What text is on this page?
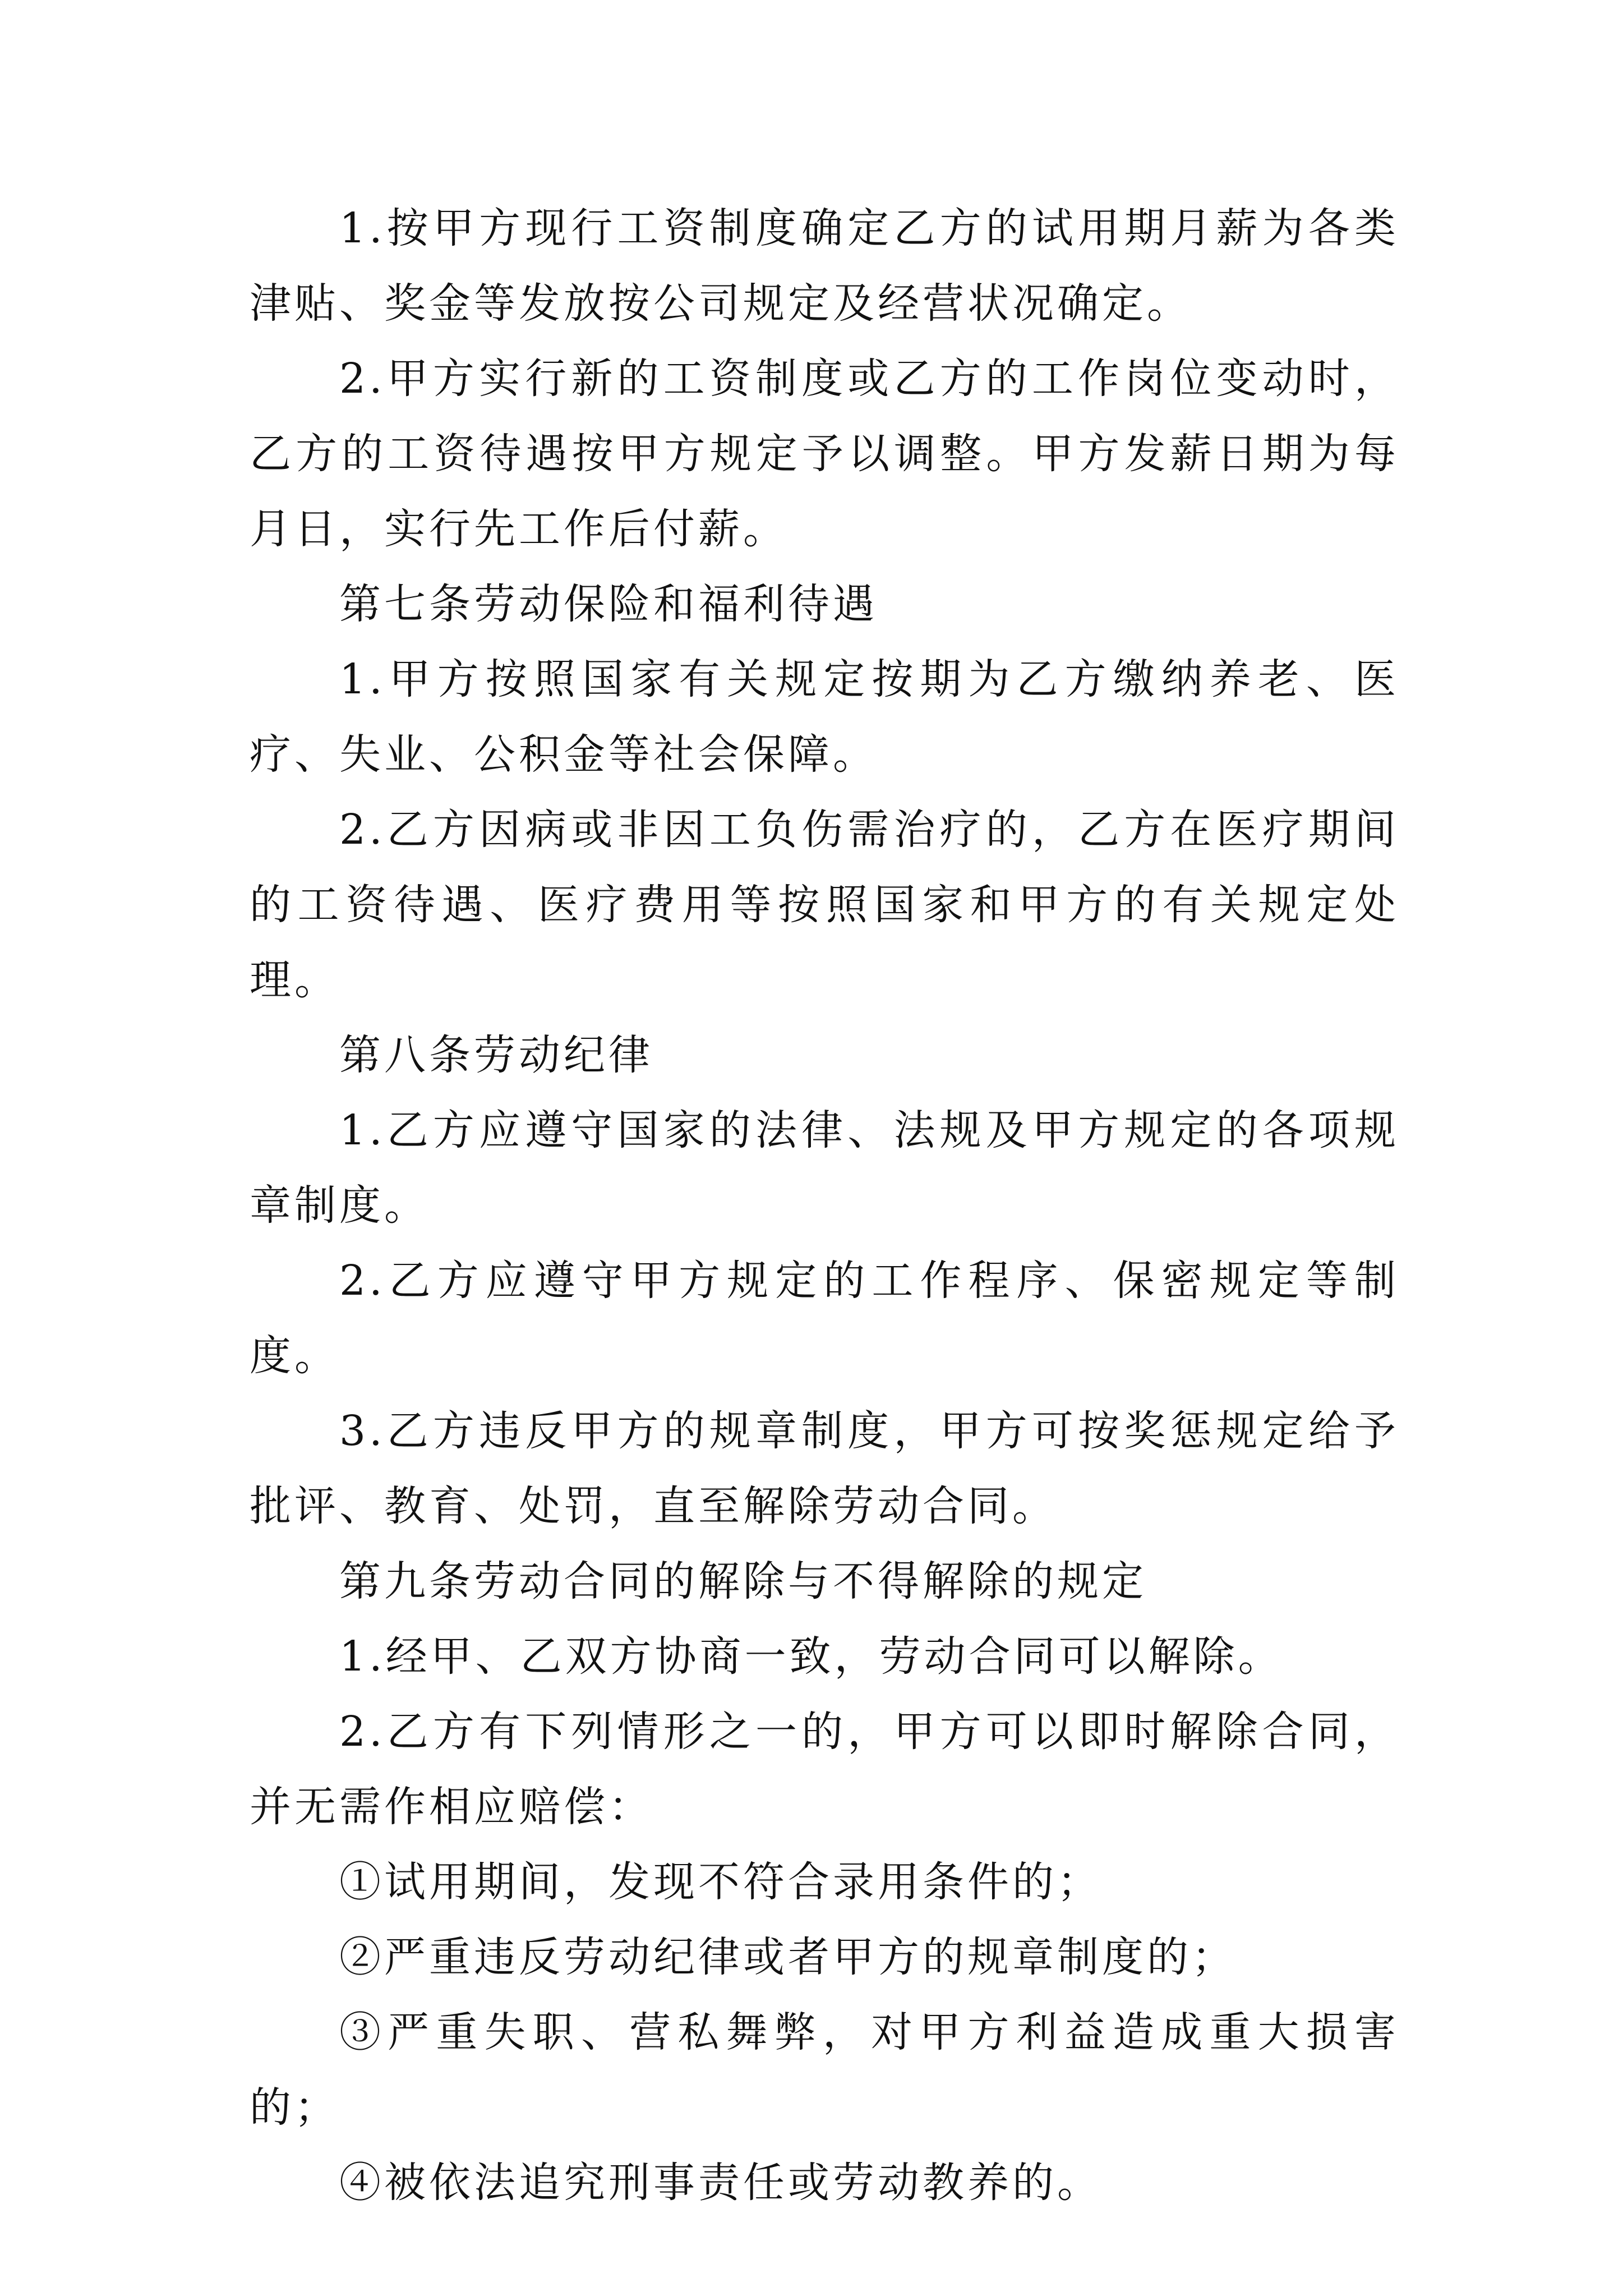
1.按甲方现行工资制度确定乙方的试用期月薪为各类津贴、奖金等发放按公司规定及经营状况确定。

2.甲方实行新的工资制度或乙方的工作岗位变动时，乙方的工资待遇按甲方规定予以调整。甲方发薪日期为每月日，实行先工作后付薪。

第七条劳动保险和福利待遇

1.甲方按照国家有关规定按期为乙方缴纳养老、医疗、失业、公积金等社会保障。

2.乙方因病或非因工负伤需治疗的，乙方在医疗期间的工资待遇、医疗费用等按照国家和甲方的有关规定处理。

第八条劳动纪律

1.乙方应遵守国家的法律、法规及甲方规定的各项规章制度。

2.乙方应遵守甲方规定的工作程序、保密规定等制度。

3.乙方违反甲方的规章制度，甲方可按奖惩规定给予批评、教育、处罚，直至解除劳动合同。

第九条劳动合同的解除与不得解除的规定

1.经甲、乙双方协商一致，劳动合同可以解除。

2.乙方有下列情形之一的，甲方可以即时解除合同，并无需作相应赔偿：

①试用期间，发现不符合录用条件的；

②严重违反劳动纪律或者甲方的规章制度的；

③严重失职、营私舞弊，对甲方利益造成重大损害的；

④被依法追究刑事责任或劳动教养的。
